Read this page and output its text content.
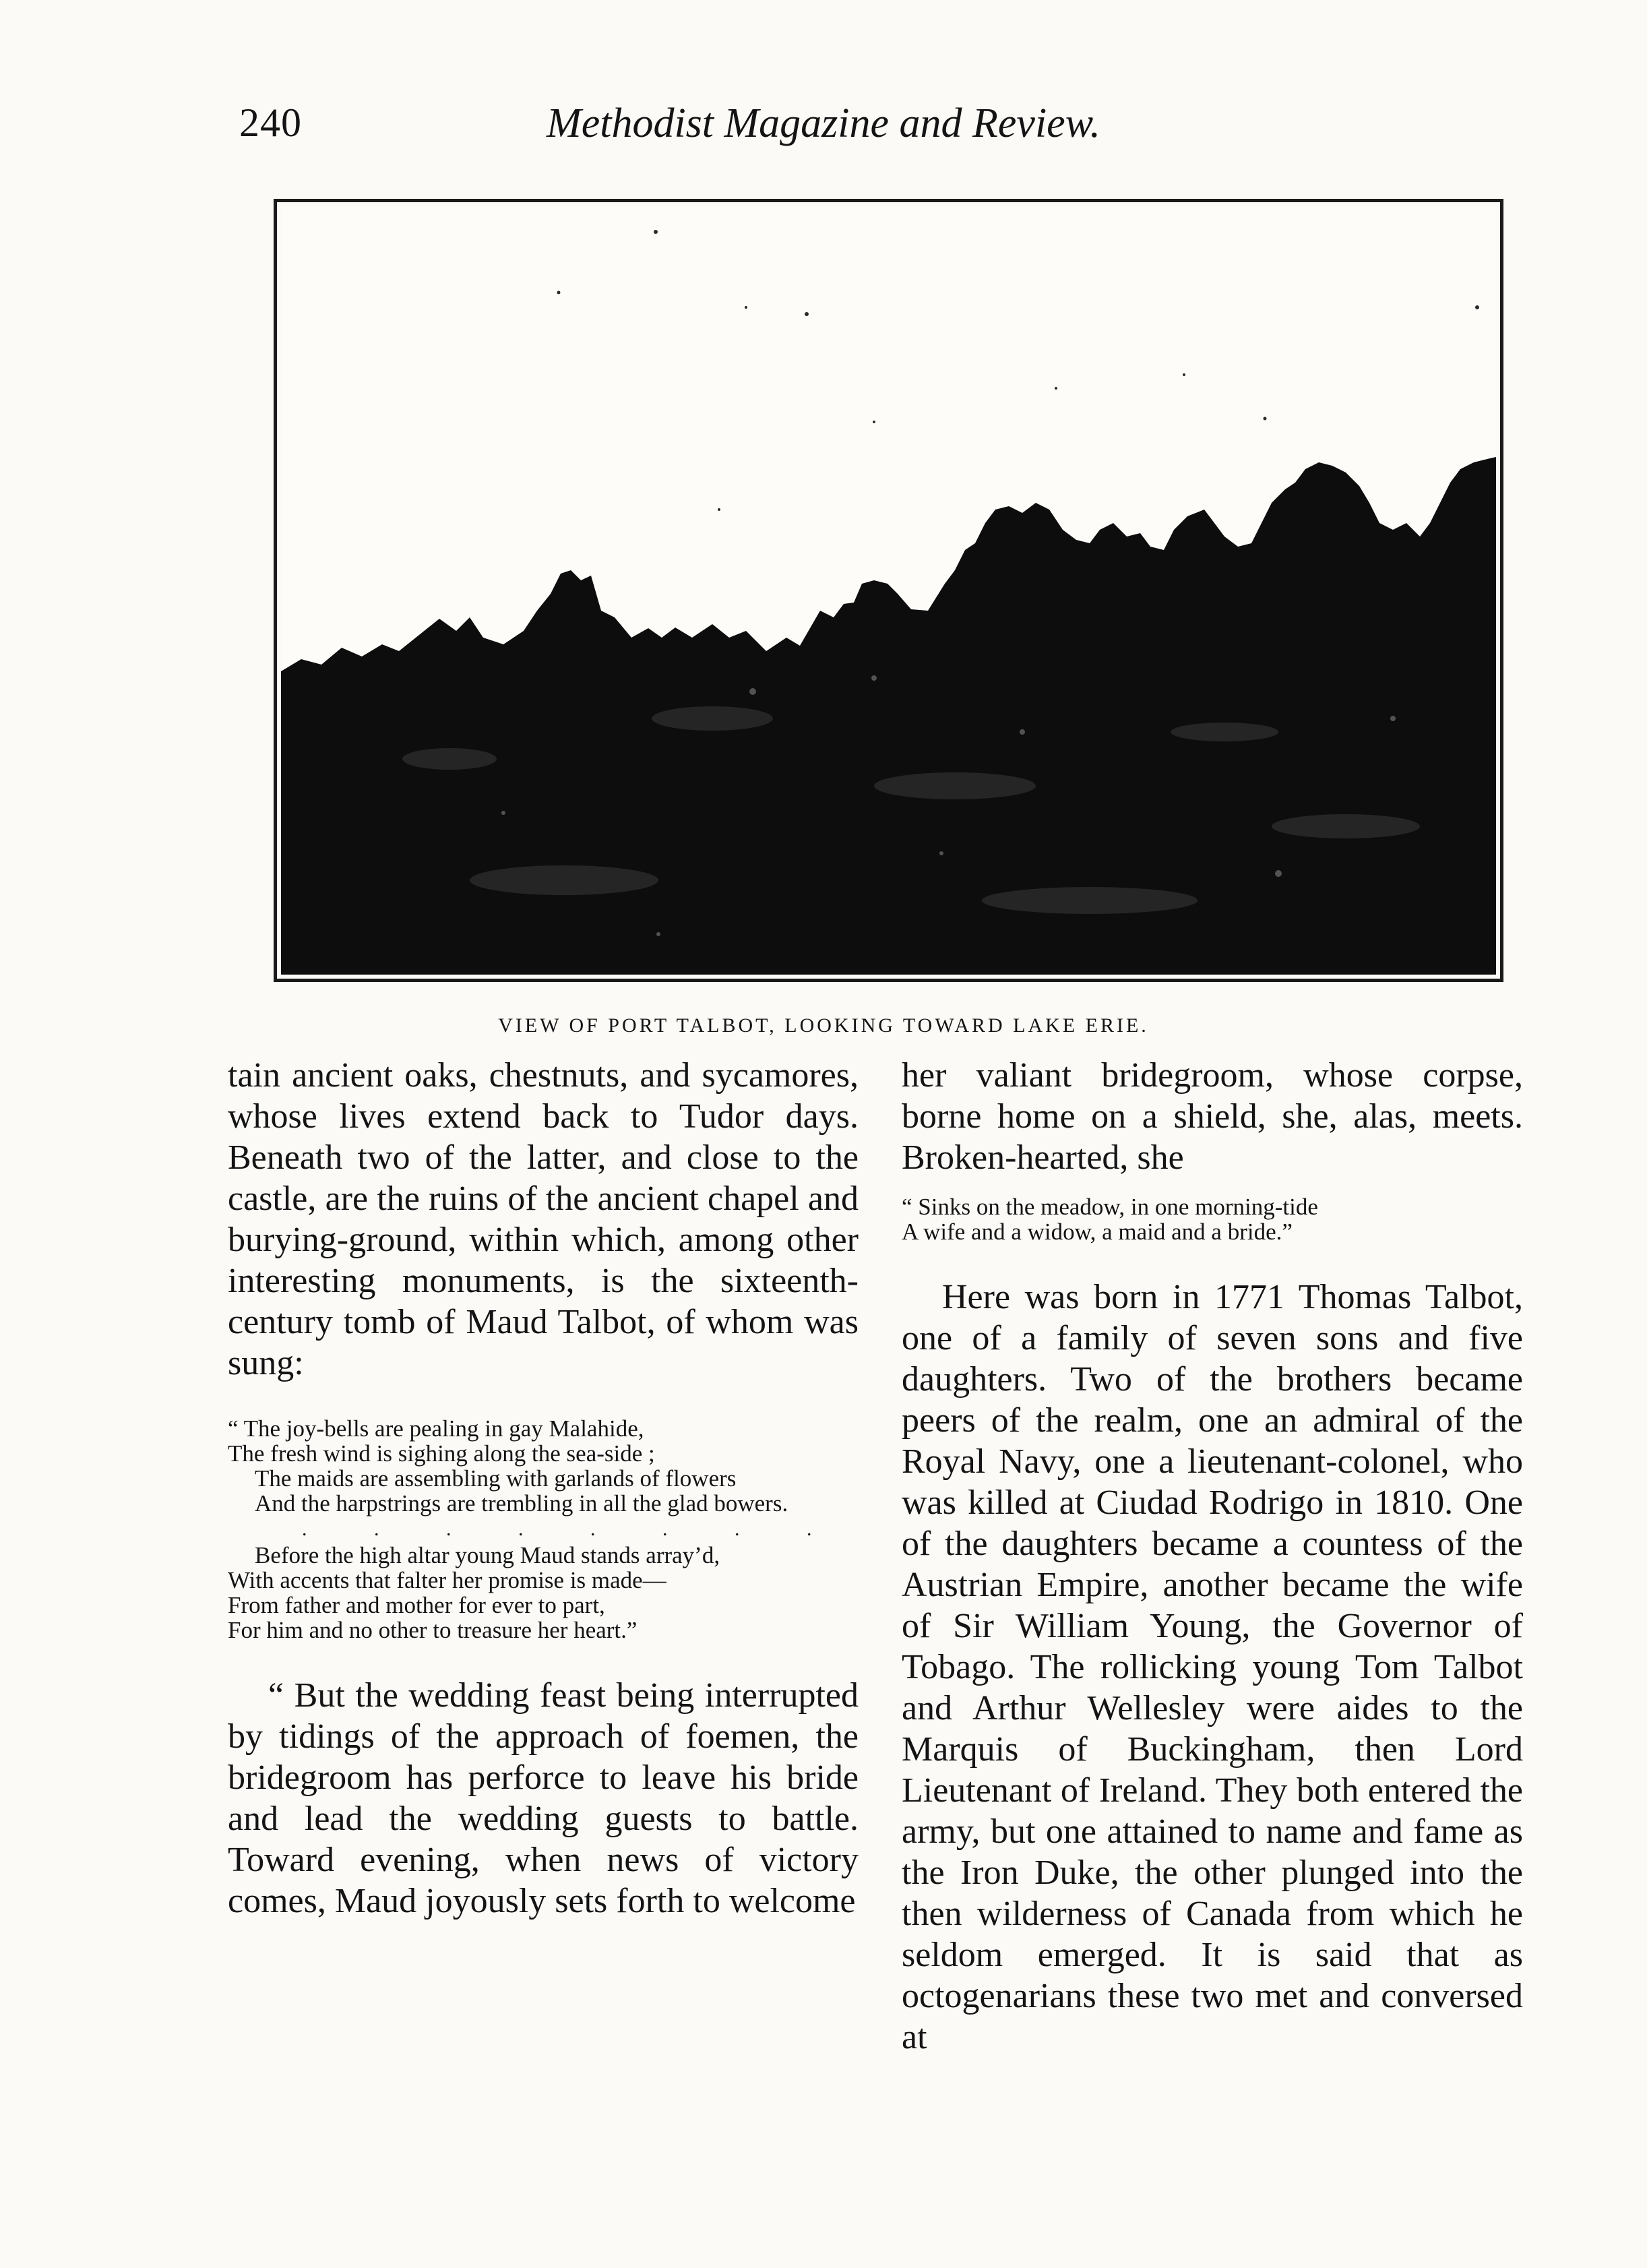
240	Methodist Magazine and Review.
VIEW OF PORT TALBOT, LOOKING TOWARD LAKE ERIE.

tain ancient oaks, chestnuts, and sycamores, whose lives extend back to Tudor days. Beneath two of the latter, and close to the castle, are the ruins of the ancient chapel and burying-ground, within which, among other interesting monuments, is the sixteenth-century tomb of Maud Talbot, of whom was sung:

“ The joy-bells are pealing in gay Malahide,
The fresh wind is sighing along the sea-side ;
The maids are assembling with garlands of flowers
And the harpstrings are trembling in all the glad bowers.
. . . . . . . .
Before the high altar young Maud stands array’d,
With accents that falter her promise is made—
From father and mother for ever to part,
For him and no other to treasure her heart.”

“ But the wedding feast being interrupted by tidings of the approach of foemen, the bridegroom has perforce to leave his bride and lead the wedding guests to battle. Toward evening, when news of victory comes, Maud joyously sets forth to welcome

her valiant bridegroom, whose corpse, borne home on a shield, she, alas, meets. Broken-hearted, she

“ Sinks on the meadow, in one morning-tide
A wife and a widow, a maid and a bride.”

Here was born in 1771 Thomas Talbot, one of a family of seven sons and five daughters. Two of the brothers became peers of the realm, one an admiral of the Royal Navy, one a lieutenant-colonel, who was killed at Ciudad Rodrigo in 1810. One of the daughters became a countess of the Austrian Empire, another became the wife of Sir William Young, the Governor of Tobago. The rollicking young Tom Talbot and Arthur Wellesley were aides to the Marquis of Buckingham, then Lord Lieutenant of Ireland. They both entered the army, but one attained to name and fame as the Iron Duke, the other plunged into the then wilderness of Canada from which he seldom emerged. It is said that as octogenarians these two met and conversed at
